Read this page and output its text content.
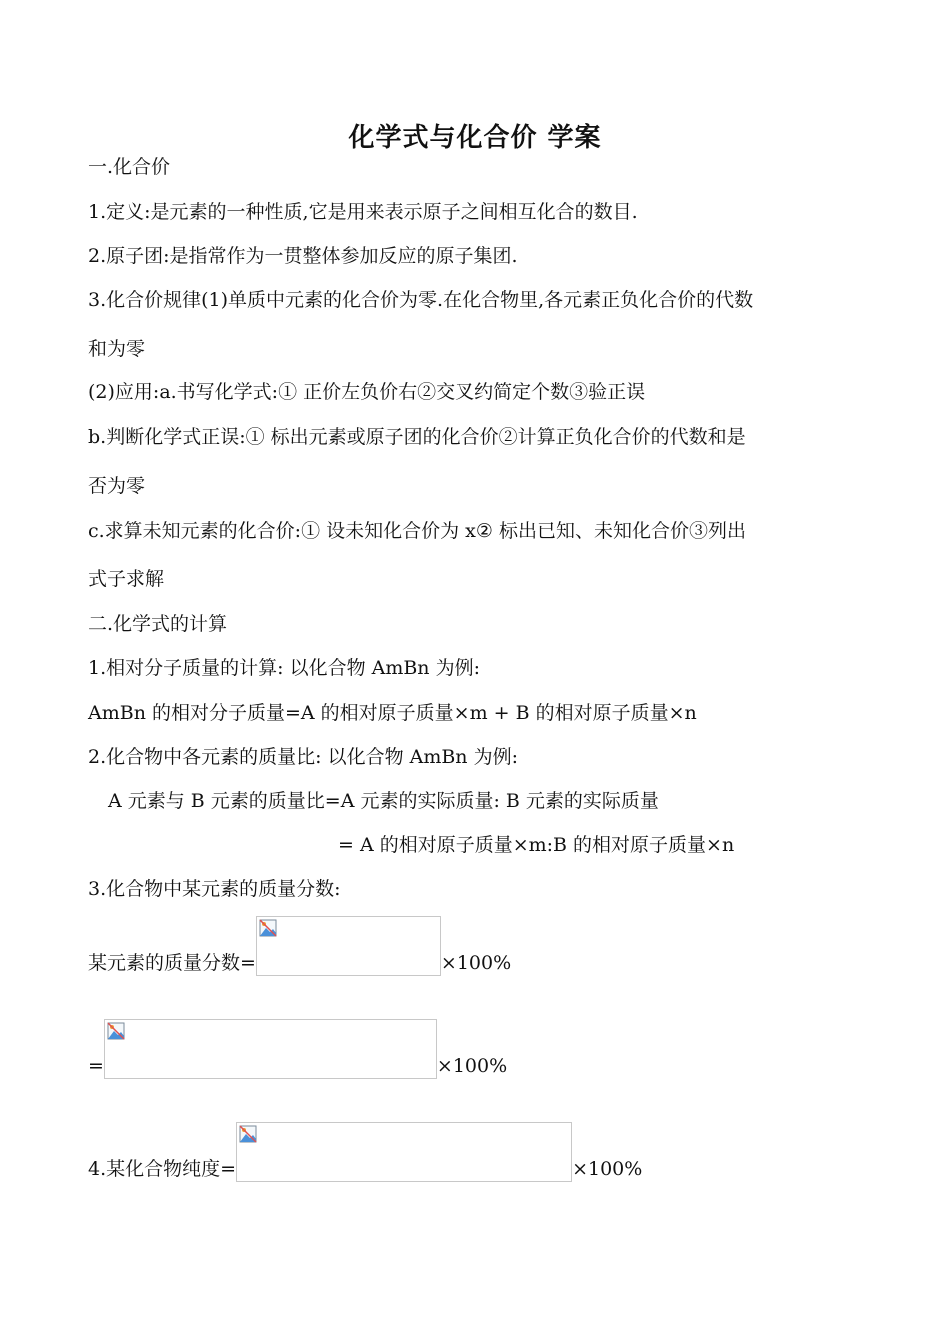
化学式与化合价 学案
一.化合价
1.定义:是元素的一种性质,它是用来表示原子之间相互化合的数目.
2.原子团:是指常作为一贯整体参加反应的原子集团.
3.化合价规律(1)单质中元素的化合价为零.在化合物里,各元素正负化合价的代数
和为零
(2)应用:a.书写化学式:① 正价左负价右②交叉约简定个数③验正误
b.判断化学式正误:① 标出元素或原子团的化合价②计算正负化合价的代数和是
否为零
c.求算未知元素的化合价:① 设未知化合价为 x② 标出已知、未知化合价③列出
式子求解
二.化学式的计算
1.相对分子质量的计算: 以化合物 AmBn 为例:
AmBn 的相对分子质量=A 的相对原子质量×m + B 的相对原子质量×n
2.化合物中各元素的质量比: 以化合物 AmBn 为例:
A 元素与 B 元素的质量比=A 元素的实际质量: B 元素的实际质量
= A 的相对原子质量×m:B 的相对原子质量×n
3.化合物中某元素的质量分数:
某元素的质量分数=	×100%
=	×100%
4.某化合物纯度=	×100%
